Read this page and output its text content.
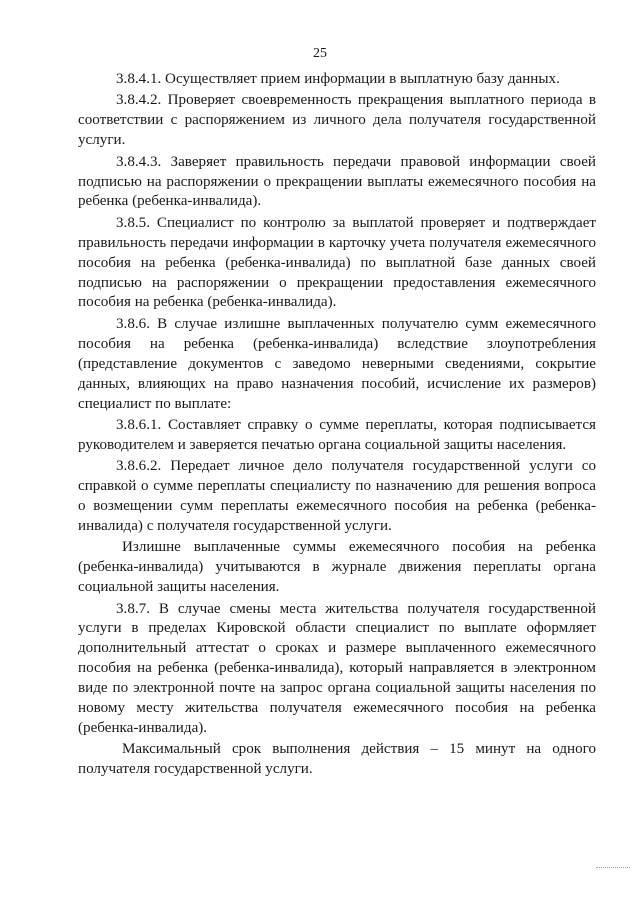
25

3.8.4.1. Осуществляет прием информации в выплатную базу данных.

3.8.4.2. Проверяет своевременность прекращения выплатного периода в соответствии с распоряжением из личного дела получателя государственной услуги.

3.8.4.3. Заверяет правильность передачи правовой информации своей подписью на распоряжении о прекращении выплаты ежемесячного пособия на ребенка (ребенка-инвалида).

3.8.5. Специалист по контролю за выплатой проверяет и подтверждает правильность передачи информации в карточку учета получателя ежемесячного пособия на ребенка (ребенка-инвалида) по выплатной базе данных своей подписью на распоряжении о прекращении предоставления ежемесячного пособия на ребенка (ребенка-инвалида).

3.8.6. В случае излишне выплаченных получателю сумм ежемесячного пособия на ребенка (ребенка-инвалида) вследствие злоупотребления (представление документов с заведомо неверными сведениями, сокрытие данных, влияющих на право назначения пособий, исчисление их размеров) специалист по выплате:

3.8.6.1. Составляет справку о сумме переплаты, которая подписывается руководителем и заверяется печатью органа социальной защиты населения.

3.8.6.2. Передает личное дело получателя государственной услуги со справкой о сумме переплаты специалисту по назначению для решения вопроса о возмещении сумм переплаты ежемесячного пособия на ребенка (ребенка-инвалида) с получателя государственной услуги.

Излишне выплаченные суммы ежемесячного пособия на ребенка (ребенка-инвалида) учитываются в журнале движения переплаты органа социальной защиты населения.

3.8.7. В случае смены места жительства получателя государственной услуги в пределах Кировской области специалист по выплате оформляет дополнительный аттестат о сроках и размере выплаченного ежемесячного пособия на ребенка (ребенка-инвалида), который направляется в электронном виде по электронной почте на запрос органа социальной защиты населения по новому месту жительства получателя ежемесячного пособия на ребенка (ребенка-инвалида).

Максимальный срок выполнения действия – 15 минут на одного получателя государственной услуги.
